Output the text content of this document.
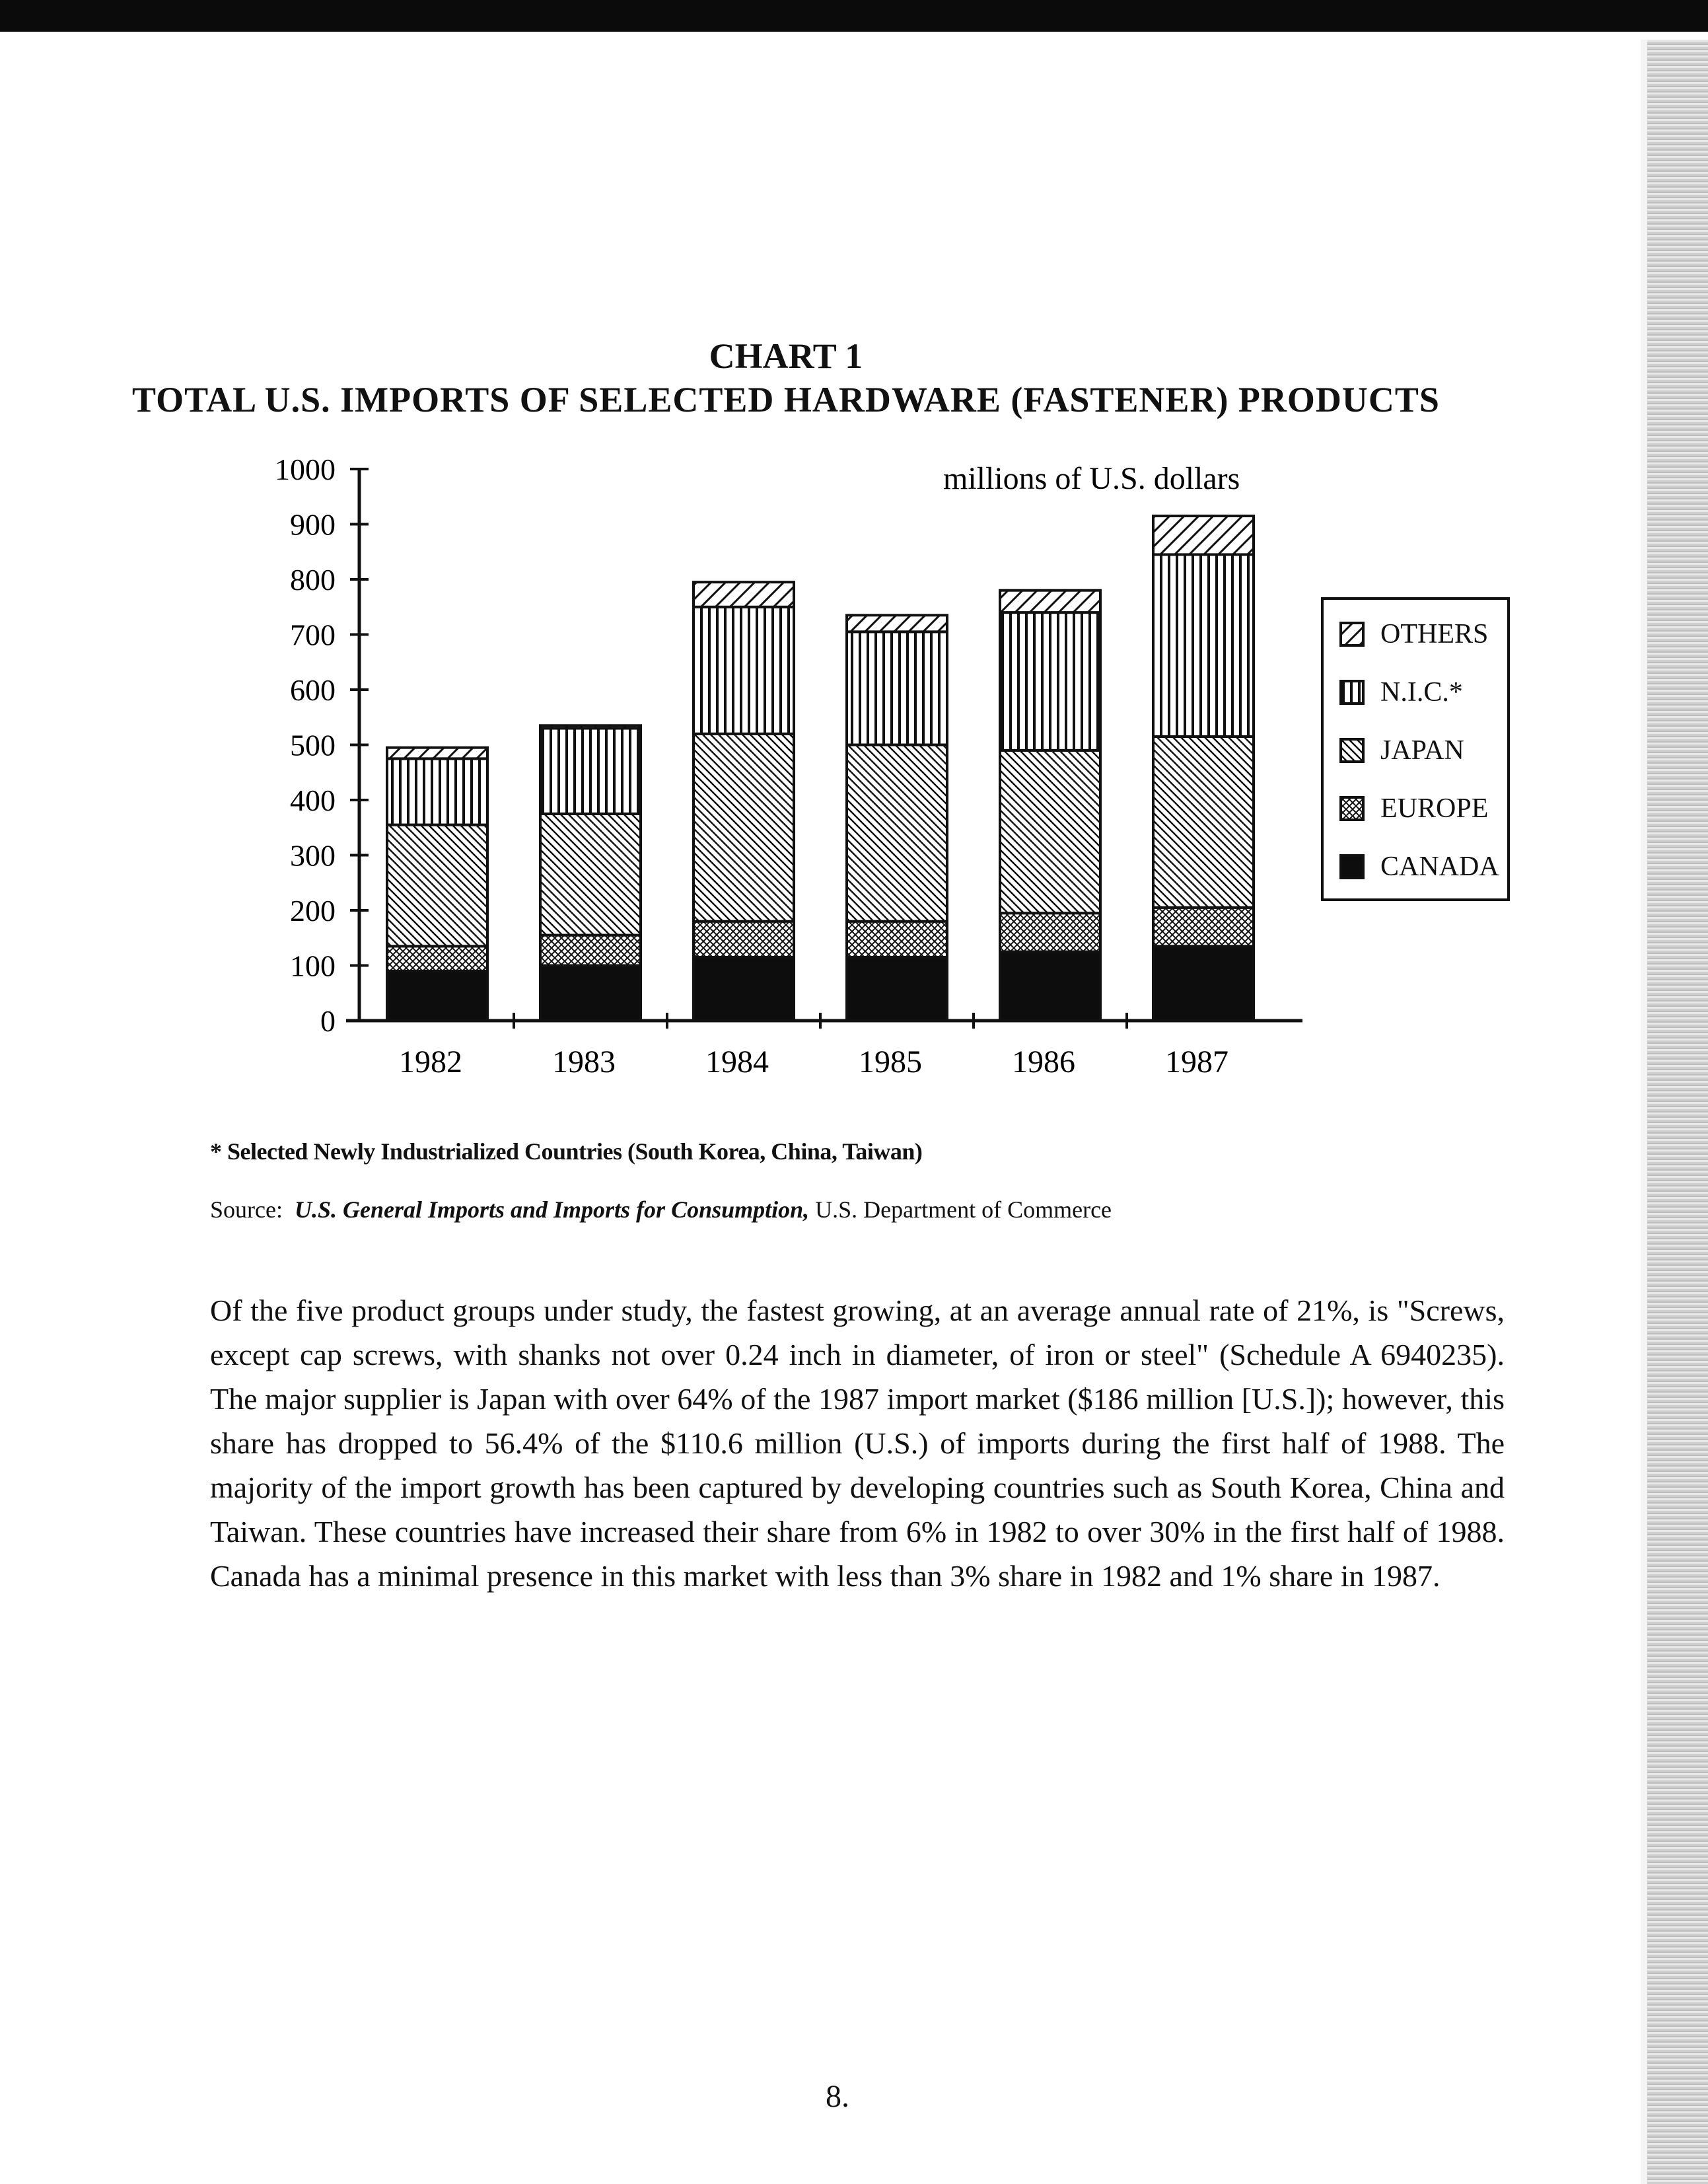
CHART 1
TOTAL U.S. IMPORTS OF SELECTED HARDWARE (FASTENER) PRODUCTS
0
100
200
300
400
500
600
700
800
900
1000
1982	1983	1984	1985	1986	1987
millions of U.S. dollars
OTHERS
N.I.C.*
JAPAN
EUROPE
CANADA
* Selected Newly Industrialized Countries (South Korea, China, Taiwan)
Source: U.S. General Imports and Imports for Consumption, U.S. Department of Commerce
Of the five product groups under study, the fastest growing, at an average annual rate of 21%, is "Screws, except cap screws, with shanks not over 0.24 inch in diameter, of iron or steel" (Schedule A 6940235). The major supplier is Japan with over 64% of the 1987 import market ($186 million [U.S.]); however, this share has dropped to 56.4% of the $110.6 million (U.S.) of imports during the first half of 1988. The majority of the import growth has been captured by developing countries such as South Korea, China and Taiwan. These countries have increased their share from 6% in 1982 to over 30% in the first half of 1988. Canada has a minimal presence in this market with less than 3% share in 1982 and 1% share in 1987.
8.
